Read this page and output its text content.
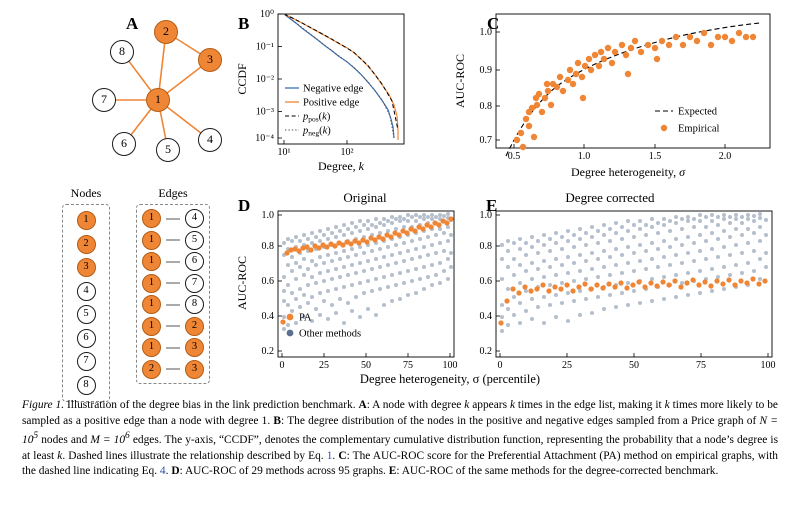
A
8
2
3
7	1
6	5
4
Nodes
1
2
3
4
5
6
7
8
Edges
1	4
1	5
1	6
1	7
1	8
1	2
1	3
2	3
B 10⁰
10⁻¹
10⁻²
10⁻³
10⁻⁴
10¹	10²
Degree, k
CCDF	Negative edge
Positive edge
ppos(k)
pneg(k)
C
0.7
0.8
0.9
1.0
0.5	1.0	1.5	2.0
Degree heterogeneity, σ
AUC-ROC
Expected
Empirical
D	Original
0.2
0.4
0.6
0.8
1.0
0	25	50	75	100
AUC-ROC
PA
Other methods
E	Degree corrected
0.2
0.4
0.6
0.8
1.0
0	25	50	75	100
Degree heterogeneity, σ (percentile)
Figure 1. Illustration of the degree bias in the link prediction benchmark. A: A node with degree k appears k times in the edge list, making it k times more likely to be sampled as a positive edge than a node with degree 1. B: The degree distribution of the nodes in the positive and negative edges sampled from a Price graph of $N = 10^5$ nodes and $M = 10^6$ edges. The y-axis, “CCDF”, denotes the complementary cumulative distribution function, representing the probability that a node’s degree is at least k. Dashed lines illustrate the relationship described by Eq. 1. C: The AUC-ROC score for the Preferential Attachment (PA) method on empirical graphs, with the dashed line indicating Eq. 4. D: AUC-ROC of 29 methods across 95 graphs. E: AUC-ROC of the same methods for the degree-corrected benchmark.
